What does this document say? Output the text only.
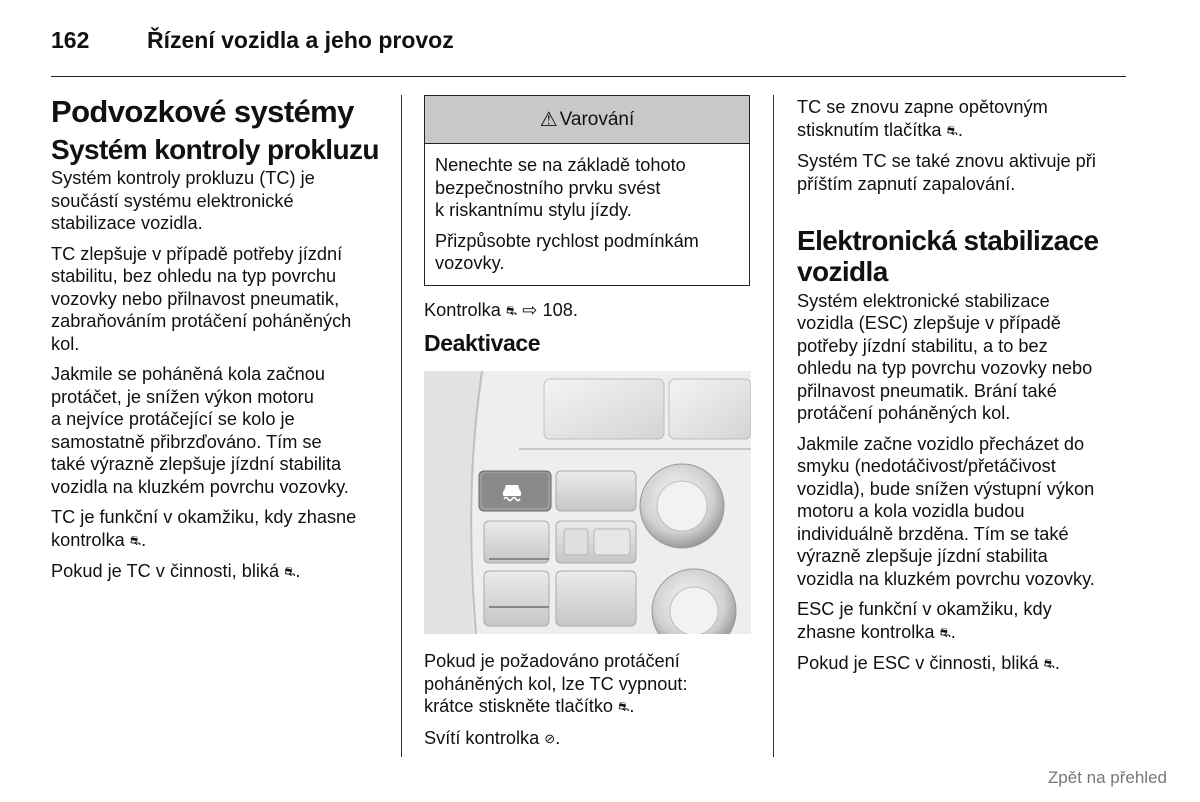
162	Řízení vozidla a jeho provoz
Podvozkové systémy
Systém kontroly prokluzu

Systém kontroly prokluzu (TC) je
součástí systému elektronické
stabilizace vozidla.

TC zlepšuje v případě potřeby jízdní
stabilitu, bez ohledu na typ povrchu
vozovky nebo přilnavost pneumatik,
zabraňováním protáčení poháněných
kol.

Jakmile se poháněná kola začnou
protáčet, je snížen výkon motoru
a nejvíce protáčející se kolo je
samostatně přibrzďováno. Tím se
také výrazně zlepšuje jízdní stabilita
vozidla na kluzkém povrchu vozovky.

TC je funkční v okamžiku, kdy zhasne
kontrolka ⛐.

Pokud je TC v činnosti, bliká ⛐.

⚠ Varování

Nenechte se na základě tohoto
bezpečnostního prvku svést
k riskantnímu stylu jízdy.

Přizpůsobte rychlost podmínkám
vozovky.

Kontrolka ⛐ ⇨ 108.

Deaktivace

Pokud je požadováno protáčení
poháněných kol, lze TC vypnout:
krátce stiskněte tlačítko ⛐.

Svítí kontrolka ⊘.

TC se znovu zapne opětovným
stisknutím tlačítka ⛐.

Systém TC se také znovu aktivuje při
příštím zapnutí zapalování.

Elektronická stabilizace
vozidla

Systém elektronické stabilizace
vozidla (ESC) zlepšuje v případě
potřeby jízdní stabilitu, a to bez
ohledu na typ povrchu vozovky nebo
přilnavost pneumatik. Brání také
protáčení poháněných kol.

Jakmile začne vozidlo přecházet do
smyku (nedotáčivost/přetáčivost
vozidla), bude snížen výstupní výkon
motoru a kola vozidla budou
individuálně brzděna. Tím se také
výrazně zlepšuje jízdní stabilita
vozidla na kluzkém povrchu vozovky.

ESC je funkční v okamžiku, kdy
zhasne kontrolka ⛐.

Pokud je ESC v činnosti, bliká ⛐.

Zpět na přehled
